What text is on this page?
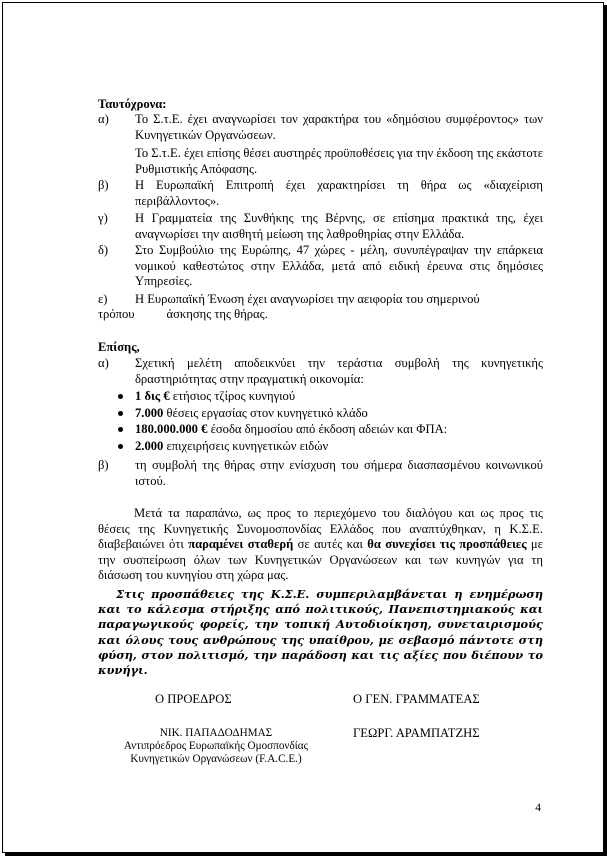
Ταυτόχρονα:
α) Το Σ.τ.Ε. έχει αναγνωρίσει τον χαρακτήρα του «δημόσιου συμφέροντος» των Κυνηγετικών Οργανώσεων.

Το Σ.τ.Ε. έχει επίσης θέσει αυστηρές προϋποθέσεις για την έκδοση της εκάστοτε Ρυθμιστικής Απόφασης.

β) Η Ευρωπαϊκή Επιτροπή έχει χαρακτηρίσει τη θήρα ως «διαχείριση περιβάλλοντος».

γ) Η Γραμματεία της Συνθήκης της Βέρνης, σε επίσημα πρακτικά της, έχει αναγνωρίσει την αισθητή μείωση της λαθροθηρίας στην Ελλάδα.

δ) Στο Συμβούλιο της Ευρώπης, 47 χώρες - μέλη, συνυπέγραψαν την επάρκεια νομικού καθεστώτος στην Ελλάδα, μετά από ειδική έρευνα στις δημόσιες Υπηρεσίες.

ε) Η Ευρωπαϊκή Ένωση έχει αναγνωρίσει την αειφορία του σημερινού
τρόπου	άσκησης της θήρας.
Επίσης,
α) Σχετική μελέτη αποδεικνύει την τεράστια συμβολή της κυνηγετικής δραστηριότητας στην πραγματική οικονομία:

1 δις € ετήσιος τζίρος κυνηγιού
7.000 θέσεις εργασίας στον κυνηγετικό κλάδο
180.000.000 € έσοδα δημοσίου από έκδοση αδειών και ΦΠΑ:
2.000 επιχειρήσεις κυνηγετικών ειδών
β) τη συμβολή της θήρας στην ενίσχυση του σήμερα διασπασμένου κοινωνικού ιστού.

Μετά τα παραπάνω, ως προς το περιεχόμενο του διαλόγου και ως προς τις θέσεις της Κυνηγετικής Συνομοσπονδίας Ελλάδος που αναπτύχθηκαν, η Κ.Σ.Ε. διαβεβαιώνει ότι παραμένει σταθερή σε αυτές και θα συνεχίσει τις προσπάθειες με την συσπείρωση όλων των Κυνηγετικών Οργανώσεων και των κυνηγών για τη διάσωση του κυνηγίου στη χώρα μας.

Στις προσπάθειες της Κ.Σ.Ε. συμπεριλαμβάνεται η ενημέρωση και το κάλεσμα στήριξης από πολιτικούς, Πανεπιστημιακούς και παραγωγικούς φορείς, την τοπική Αυτοδιοίκηση, συνεταιρισμούς και όλους τους ανθρώπους της υπαίθρου, με σεβασμό πάντοτε στη φύση, στον πολιτισμό, την παράδοση και τις αξίες που διέπουν το κυνήγι.

Ο ΠΡΟΕΔΡΟΣ	Ο ΓΕΝ. ΓΡΑΜΜΑΤΕΑΣ
ΝΙΚ. ΠΑΠΑΔΟΔΗΜΑΣ
Αντιπρόεδρος Ευρωπαϊκής Ομοσπονδίας
Κυνηγετικών Οργανώσεων (F.A.C.E.)
ΓΕΩΡΓ. ΑΡΑΜΠΑΤΖΗΣ
4
